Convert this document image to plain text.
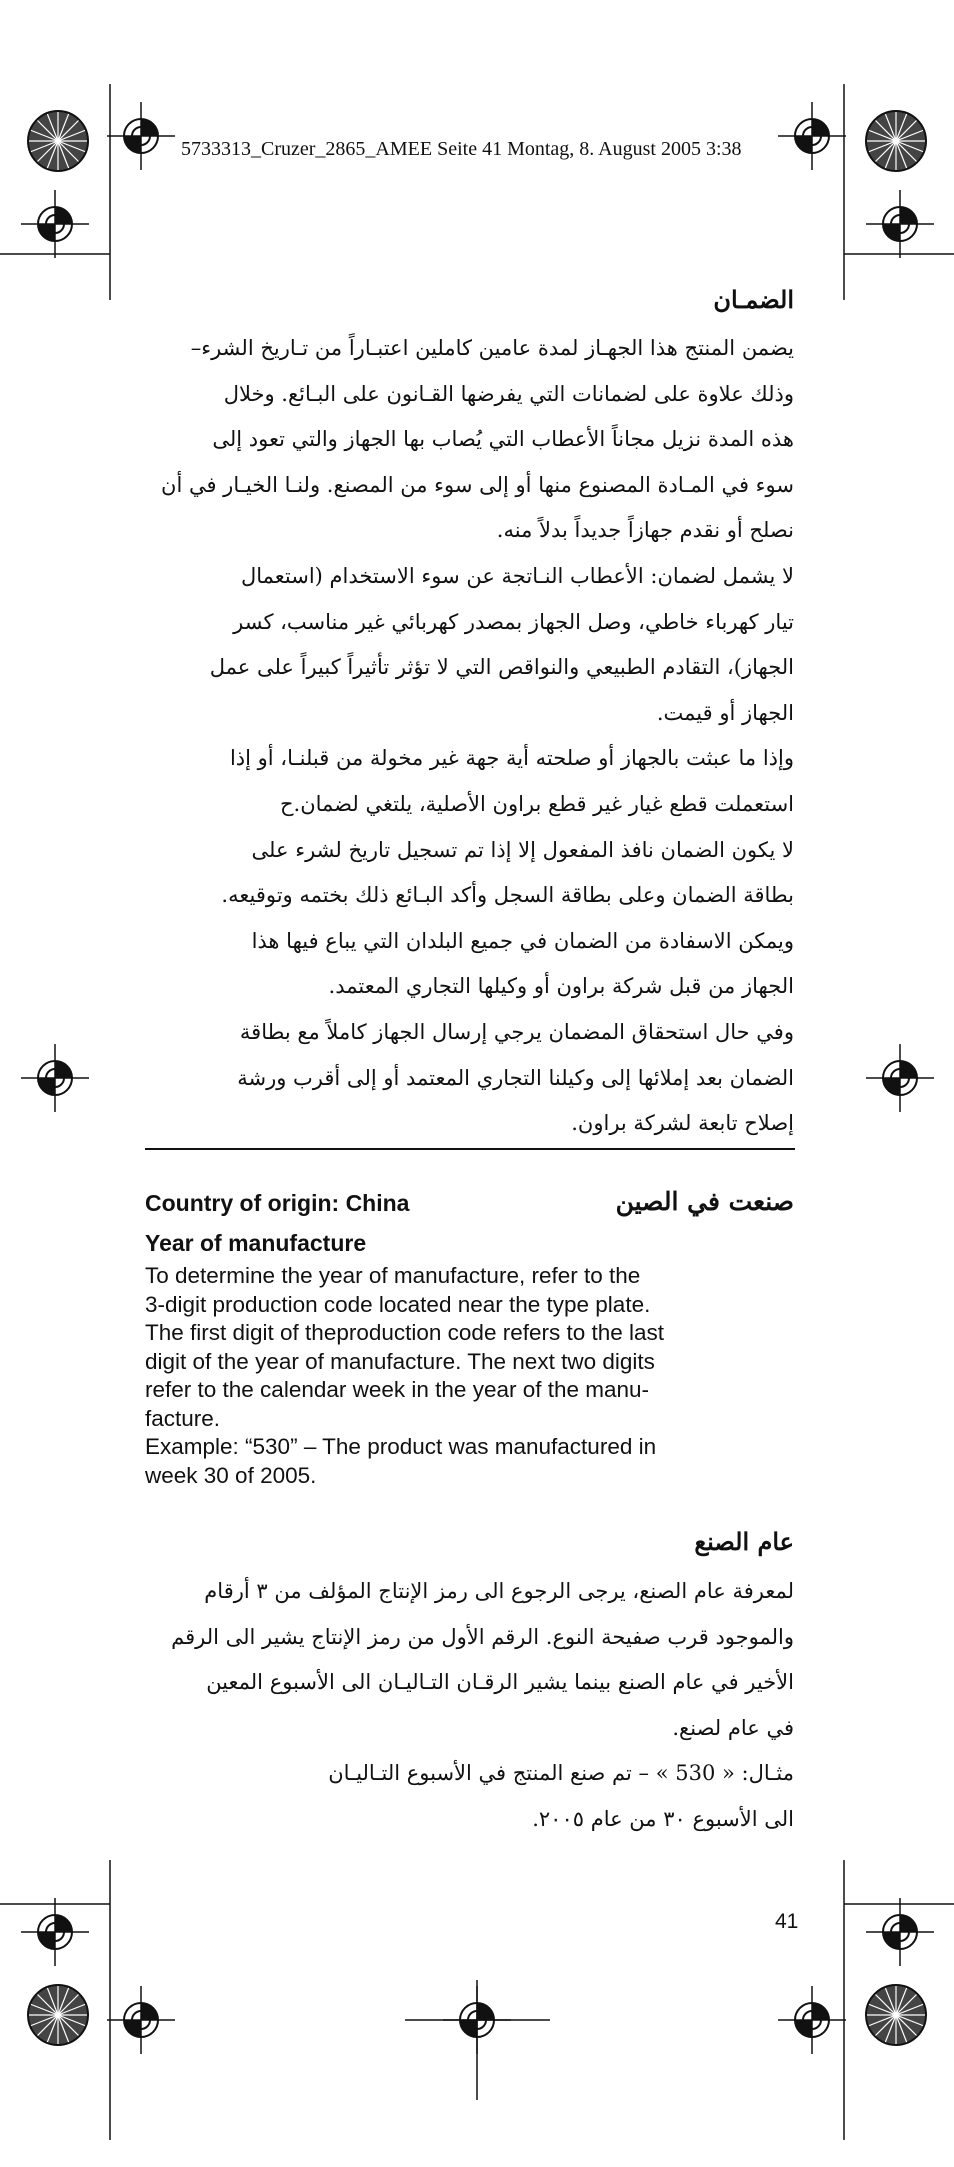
5733313_Cruzer_2865_AMEE Seite 41 Montag, 8. August 2005 3:38
الضمـان
يضمن المنتج هذا الجهـاز لمدة عامين كاملين اعتبـاراً من تـاريخ الشرء–
وذلك علاوة على لضمانات التي يفرضها القـانون على البـائع. وخلال
هذه المدة نزيل مجاناً الأعطاب التي يُصاب بها الجهاز والتي تعود إلى
سوء في المـادة المصنوع منها أو إلى سوء من المصنع. ولنـا الخيـار في أن
نصلح أو نقدم جهازاً جديداً بدلاً منه.
لا يشمل لضمان: الأعطاب النـاتجة عن سوء الاستخدام (استعمال
تيار كهرباء خاطي، وصل الجهاز بمصدر كهربائي غير مناسب، كسر
الجهاز)، التقادم الطبيعي والنواقص التي لا تؤثر تأثيراً كبيراً على عمل
الجهاز أو قيمت.
وإذا ما عبثت بالجهاز أو صلحته أية جهة غير مخولة من قبلنـا، أو إذا
استعملت قطع غيار غير قطع براون الأصلية، يلتغي لضمان.ح
لا يكون الضمان نافذ المفعول إلا إذا تم تسجيل تاريخ لشرء على
بطاقة الضمان وعلى بطاقة السجل وأكد البـائع ذلك بختمه وتوقيعه.
ويمكن الاسفادة من الضمان في جميع البلدان التي يباع فيها هذا
الجهاز من قبل شركة براون أو وكيلها التجاري المعتمد.
وفي حال استحقاق المضمان يرجي إرسال الجهاز كاملاً مع بطاقة
الضمان بعد إملائها إلى وكيلنا التجاري المعتمد أو إلى أقرب ورشة
إصلاح تابعة لشركة براون.
Country of origin: China	صنعت في الصين
Year of manufacture
To determine the year of manufacture, refer to the
3-digit production code located near the type plate.
The first digit of theproduction code refers to the last
digit of the year of manufacture. The next two digits
refer to the calendar week in the year of the manu-
facture.
Example: “530” – The product was manufactured in
week 30 of 2005.
عام الصنع
لمعرفة عام الصنع، يرجى الرجوع الى رمز الإنتاج المؤلف من ٣ أرقام
والموجود قرب صفيحة النوع. الرقم الأول من رمز الإنتاج يشير الى الرقم
الأخير في عام الصنع بينما يشير الرقـان التـاليـان الى الأسبوع المعين
في عام لصنع.
مثـال: « 530 » – تم صنع المنتج في الأسبوع التـاليـان
الى الأسبوع ٣٠ من عام ٢٠٠٥.
41
